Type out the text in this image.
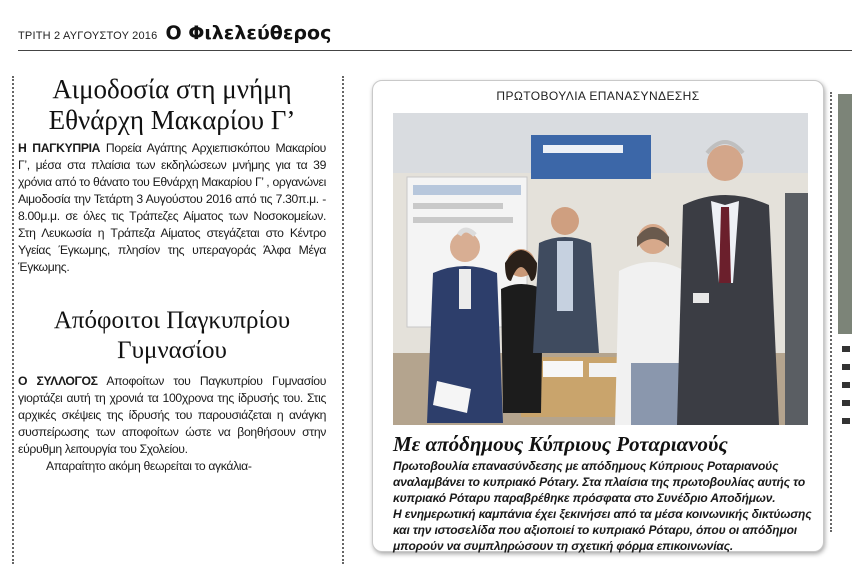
ΤΡΙΤΗ 2 ΑΥΓΟΥΣΤΟΥ 2016 Ο Φιλελεύθερος
Αιμοδοσία στη μνήμη Εθνάρχη Μακαρίου Γ’

Η ΠΑΓΚΥΠΡΙΑ Πορεία Αγάπης Αρχιεπισκόπου Μακαρίου Γ’, μέσα στα πλαίσια των εκδηλώσεων μνήμης για τα 39 χρόνια από το θάνατο του Εθνάρχη Μακαρίου Γ’ , οργανώνει Αιμοδοσία την Τετάρτη 3 Αυγούστου 2016 από τις 7.30π.μ. - 8.00μ.μ. σε όλες τις Τράπεζες Αίματος των Νοσοκομείων. Στη Λευκωσία η Τράπεζα Αίματος στεγάζεται στο Κέντρο Υγείας Έγκωμης, πλησίον της υπεραγοράς Άλφα Μέγα Έγκωμης.

Απόφοιτοι Παγκυπρίου Γυμνασίου

Ο ΣΥΛΛΟΓΟΣ Αποφοίτων του Παγκυπρίου Γυμνασίου γιορτάζει αυτή τη χρονιά τα 100χρονα της ίδρυσής του. Στις αρχικές σκέψεις της ίδρυσής του παρουσιάζεται η ανάγκη συσπείρωσης των αποφοίτων ώστε να βοηθήσουν στην εύρυθμη λειτουργία του Σχολείου.

Απαραίτητο ακόμη θεωρείται το αγκάλια-

ΠΡΩΤΟΒΟΥΛΙΑ ΕΠΑΝΑΣΥΝΔΕΣΗΣ
Με απόδημους Κύπριους Ροταριανούς

Πρωτοβουλία επανασύνδεσης με απόδημους Κύπριους Ροταριανούς αναλαμβάνει το κυπριακό Ρότary. Στα πλαίσια της πρωτοβουλίας αυτής το κυπριακό Ρόταρυ παραβρέθηκε πρόσφατα στο Συνέδριο Αποδήμων.

Η ενημερωτική καμπάνια έχει ξεκινήσει από τα μέσα κοινωνικής δικτύωσης και την ιστοσελίδα που αξιοποιεί το κυπριακό Ρόταρυ, όπου οι απόδημοι μπορούν να συμπληρώσουν τη σχετική φόρμα επικοινωνίας.
